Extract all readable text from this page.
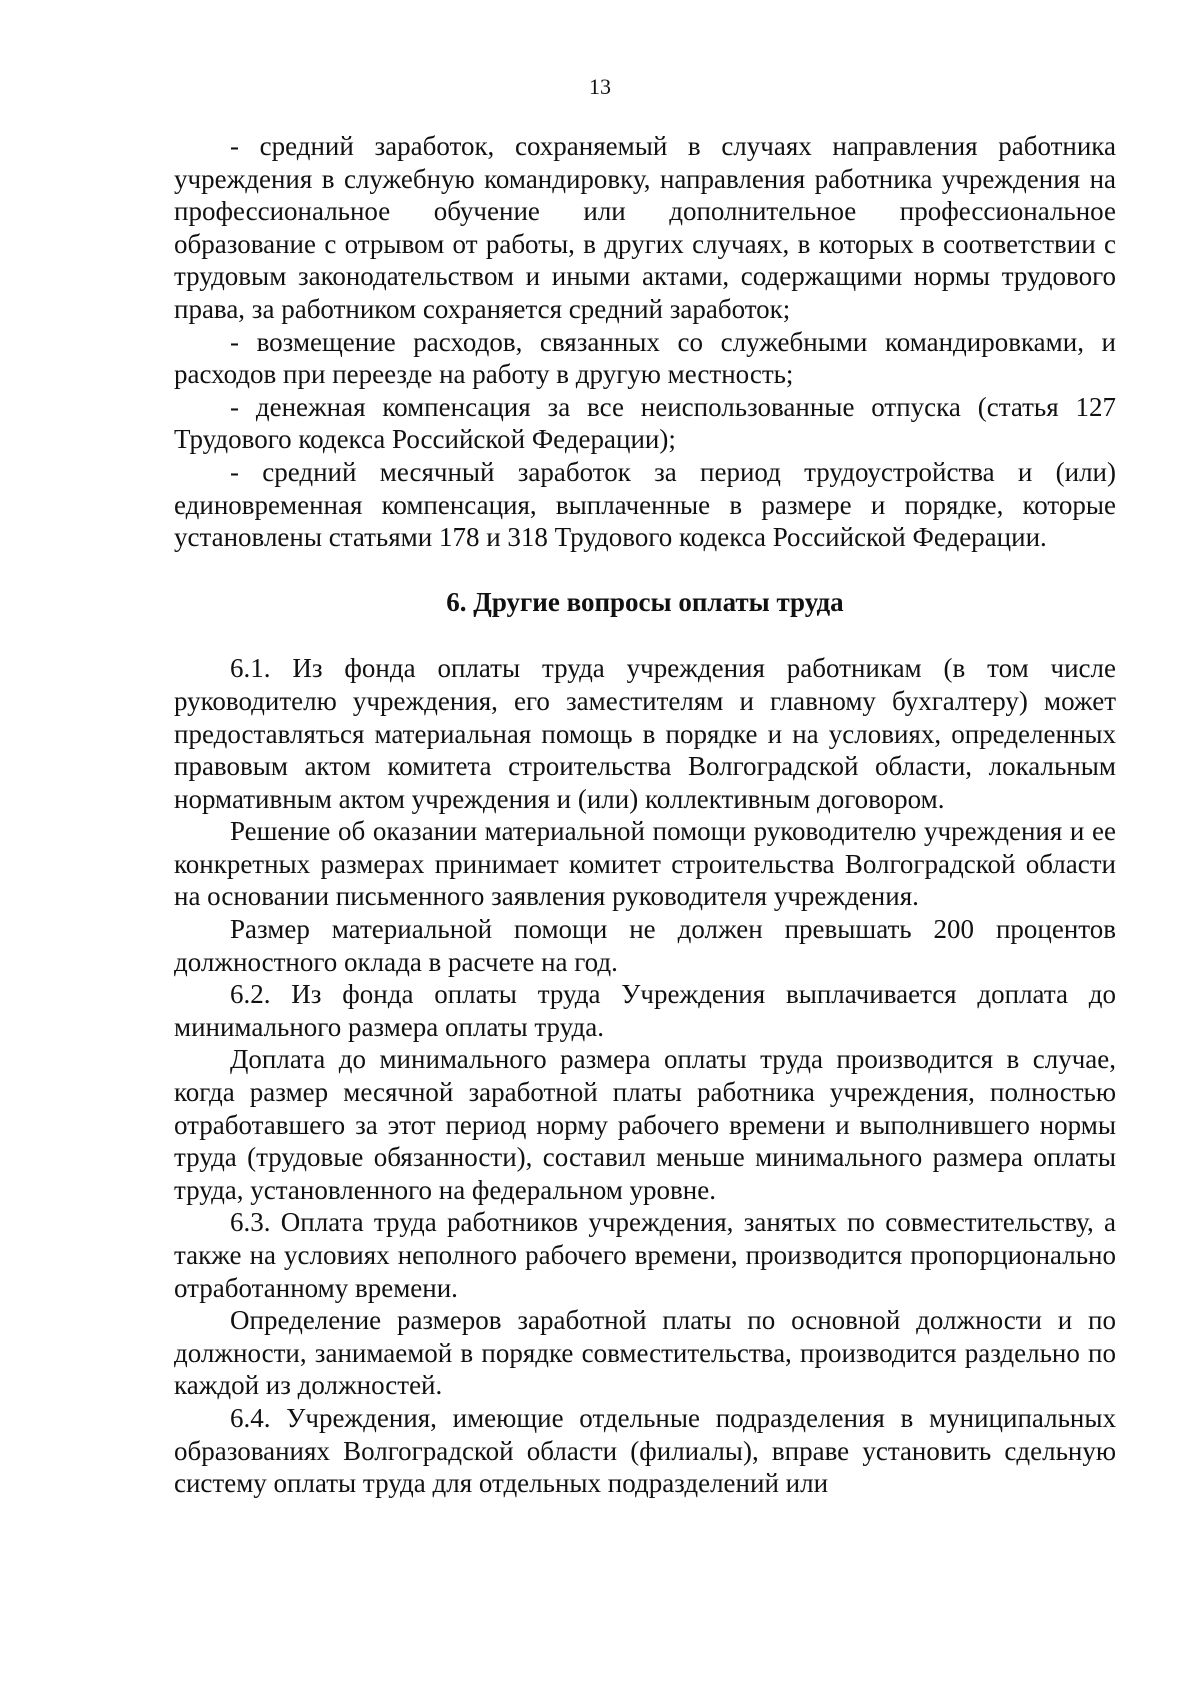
13

- средний заработок, сохраняемый в случаях направления работника учреждения в служебную командировку, направления работника учреждения на профессиональное обучение или дополнительное профессиональное образование с отрывом от работы, в других случаях, в которых в соответствии с трудовым законодательством и иными актами, содержащими нормы трудового права, за работником сохраняется средний заработок;

- возмещение расходов, связанных со служебными командировками, и расходов при переезде на работу в другую местность;

- денежная компенсация за все неиспользованные отпуска (статья 127 Трудового кодекса Российской Федерации);

- средний месячный заработок за период трудоустройства и (или) единовременная компенсация, выплаченные в размере и порядке, которые установлены статьями 178 и 318 Трудового кодекса Российской Федерации.

6. Другие вопросы оплаты труда

6.1. Из фонда оплаты труда учреждения работникам (в том числе руководителю учреждения, его заместителям и главному бухгалтеру) может предоставляться материальная помощь в порядке и на условиях, определенных правовым актом комитета строительства Волгоградской области, локальным нормативным актом учреждения и (или) коллективным договором.

Решение об оказании материальной помощи руководителю учреждения и ее конкретных размерах принимает комитет строительства Волгоградской области на основании письменного заявления руководителя учреждения.

Размер материальной помощи не должен превышать 200 процентов должностного оклада в расчете на год.

6.2. Из фонда оплаты труда Учреждения выплачивается доплата до минимального размера оплаты труда.

Доплата до минимального размера оплаты труда производится в случае, когда размер месячной заработной платы работника учреждения, полностью отработавшего за этот период норму рабочего времени и выполнившего нормы труда (трудовые обязанности), составил меньше минимального размера оплаты труда, установленного на федеральном уровне.

6.3. Оплата труда работников учреждения, занятых по совместительству, а также на условиях неполного рабочего времени, производится пропорционально отработанному времени.

Определение размеров заработной платы по основной должности и по должности, занимаемой в порядке совместительства, производится раздельно по каждой из должностей.

6.4. Учреждения, имеющие отдельные подразделения в муниципальных образованиях Волгоградской области (филиалы), вправе установить сдельную систему оплаты труда для отдельных подразделений или
